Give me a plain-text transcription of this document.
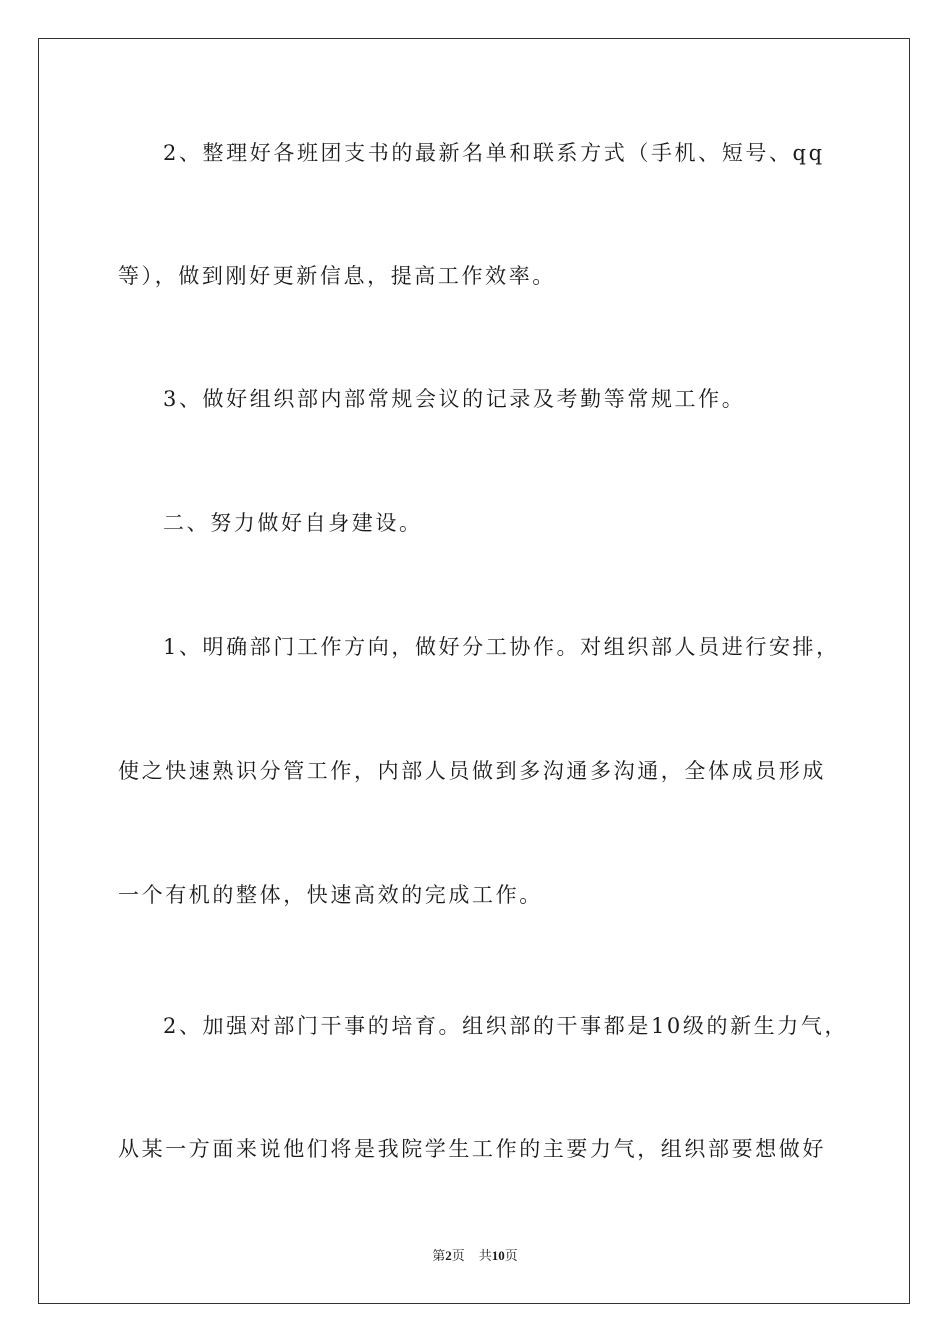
2、整理好各班团支书的最新名单和联系方式（手机、短号、qq
等），做到刚好更新信息，提高工作效率。
3、做好组织部内部常规会议的记录及考勤等常规工作。
二、努力做好自身建设。
1、明确部门工作方向，做好分工协作。对组织部人员进行安排，
使之快速熟识分管工作，内部人员做到多沟通多沟通，全体成员形成
一个有机的整体，快速高效的完成工作。
2、加强对部门干事的培育。组织部的干事都是10级的新生力气，
从某一方面来说他们将是我院学生工作的主要力气，组织部要想做好
第2页 共10页
